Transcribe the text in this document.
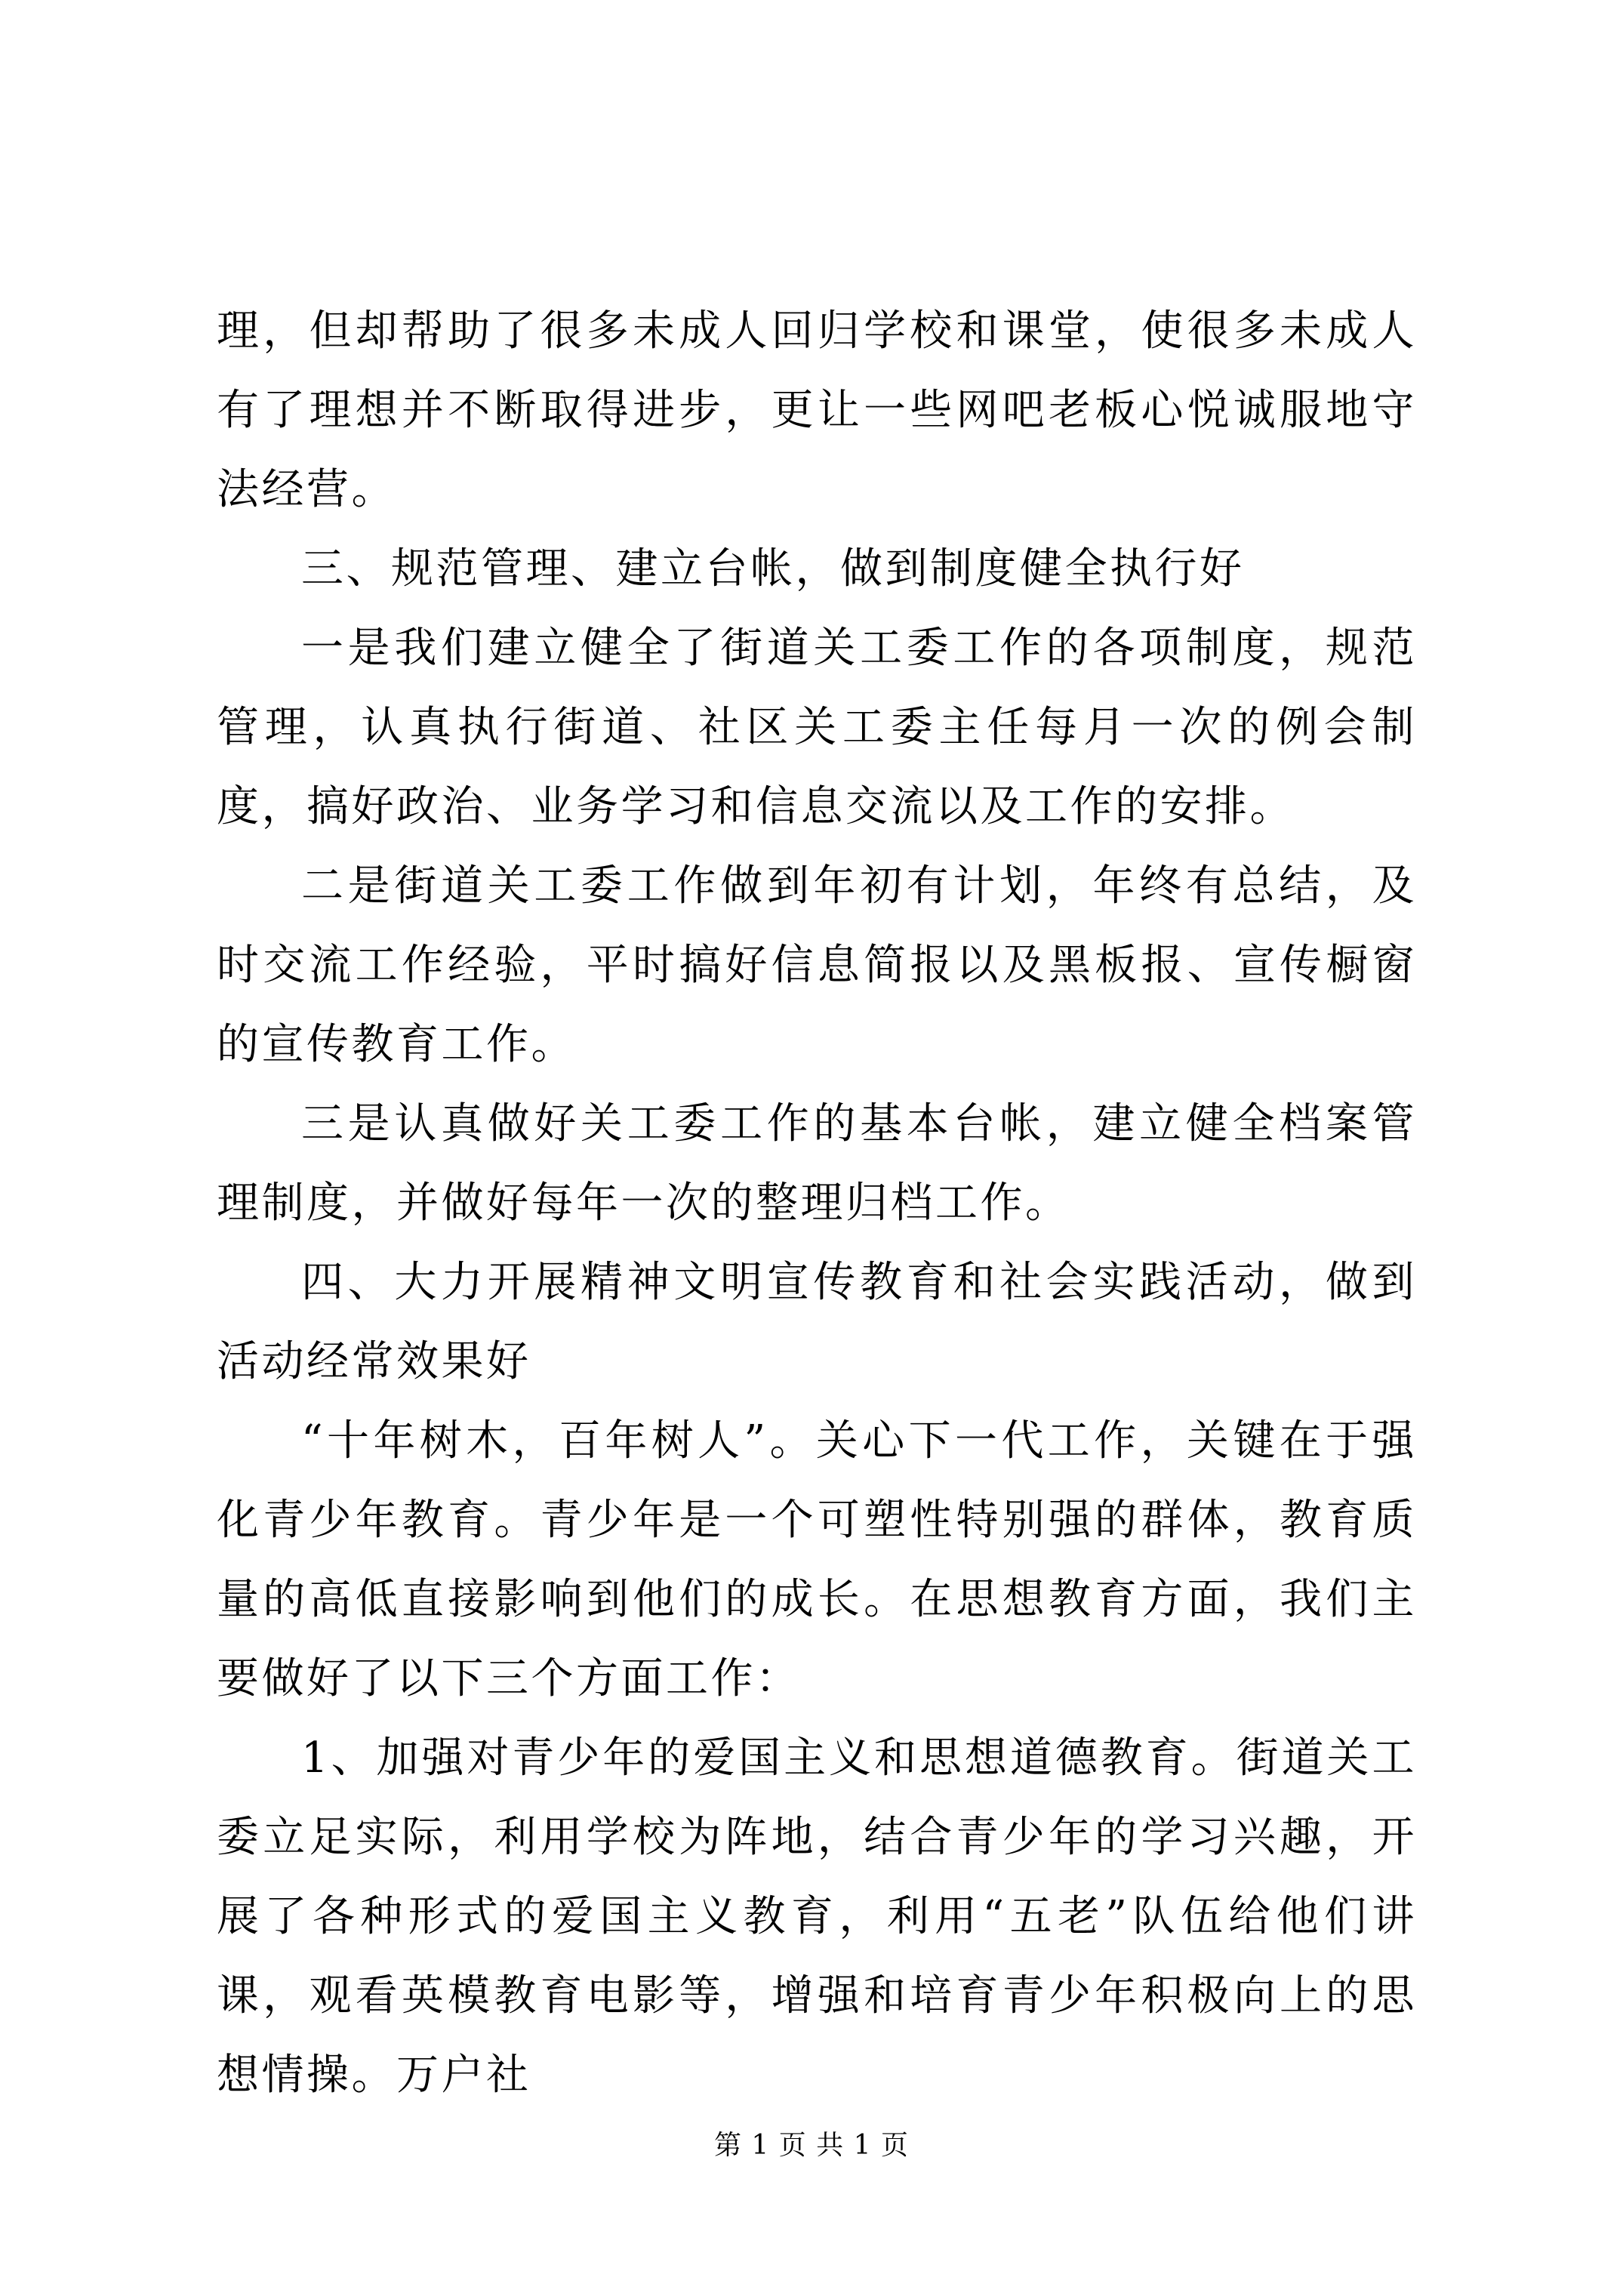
理，但却帮助了很多未成人回归学校和课堂，使很多未成人有了理想并不断取得进步，更让一些网吧老板心悦诚服地守法经营。

三、规范管理、建立台帐，做到制度健全执行好

一是我们建立健全了街道关工委工作的各项制度，规范管理，认真执行街道、社区关工委主任每月一次的例会制度，搞好政治、业务学习和信息交流以及工作的安排。

二是街道关工委工作做到年初有计划，年终有总结，及时交流工作经验，平时搞好信息简报以及黑板报、宣传橱窗的宣传教育工作。

三是认真做好关工委工作的基本台帐，建立健全档案管理制度，并做好每年一次的整理归档工作。

四、大力开展精神文明宣传教育和社会实践活动，做到活动经常效果好

“十年树木，百年树人”。关心下一代工作，关键在于强化青少年教育。青少年是一个可塑性特别强的群体，教育质量的高低直接影响到他们的成长。在思想教育方面，我们主要做好了以下三个方面工作：

1、加强对青少年的爱国主义和思想道德教育。街道关工委立足实际，利用学校为阵地，结合青少年的学习兴趣，开展了各种形式的爱国主义教育，利用“五老”队伍给他们讲课，观看英模教育电影等，增强和培育青少年积极向上的思想情操。万户社

第 1 页 共 1 页
